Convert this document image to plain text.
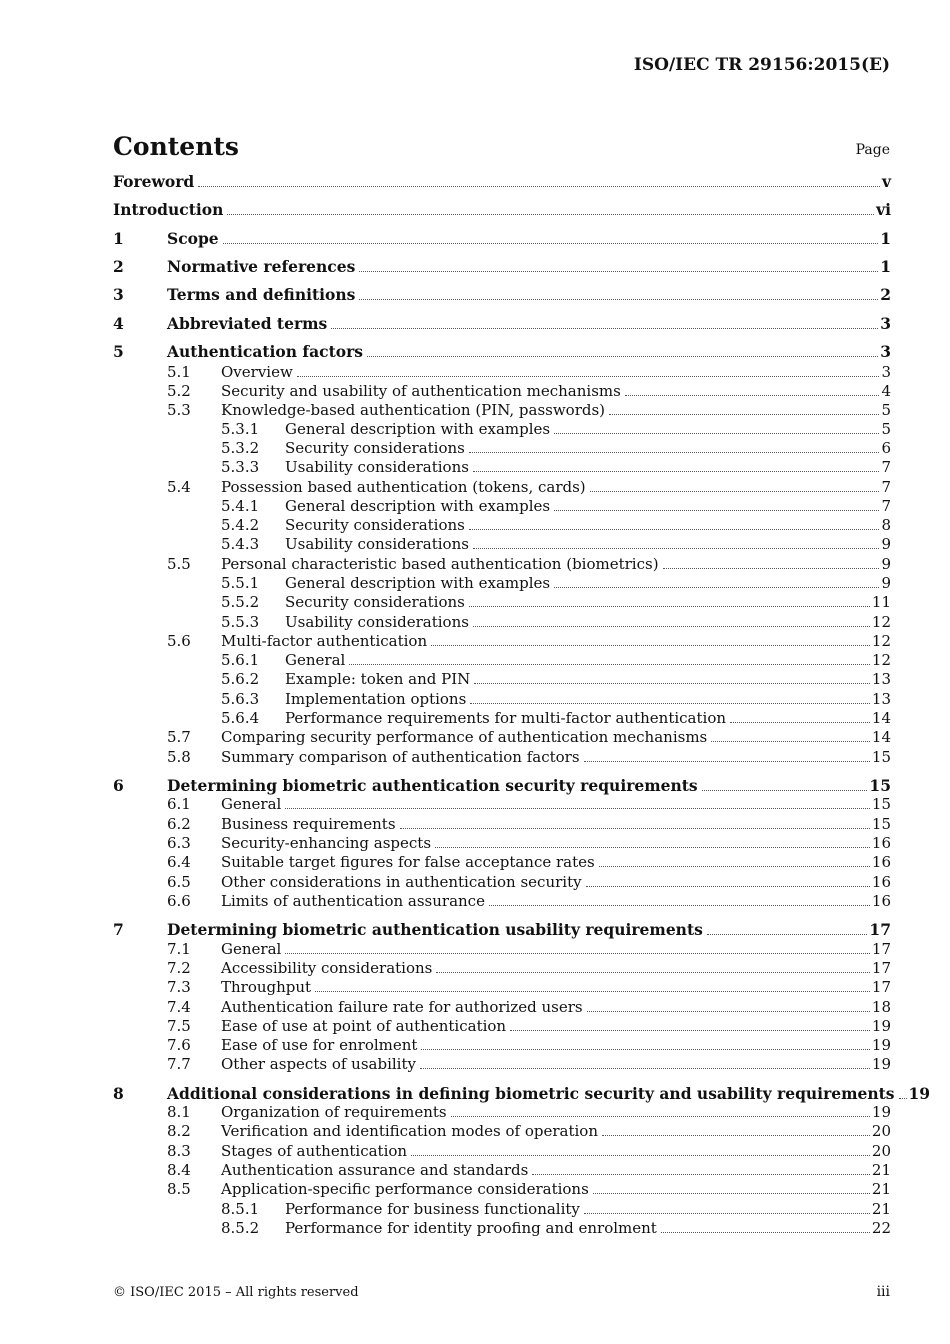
ISO/IEC TR 29156:2015(E)
Contents	Page
Foreword	v
Introduction	vi
1	Scope	1
2	Normative references	1
3	Terms and definitions	2
4	Abbreviated terms	3
5	Authentication factors	3
5.1 Overview	3
5.2 Security and usability of authentication mechanisms	4
5.3 Knowledge-based authentication (PIN, passwords)	5
5.3.1 General description with examples	5
5.3.2 Security considerations	6
5.3.3 Usability considerations	7
5.4 Possession based authentication (tokens, cards)	7
5.4.1 General description with examples	7
5.4.2 Security considerations	8
5.4.3 Usability considerations	9
5.5 Personal characteristic based authentication (biometrics)	9
5.5.1 General description with examples	9
5.5.2 Security considerations	11
5.5.3 Usability considerations	12
5.6 Multi-factor authentication	12
5.6.1 General	12
5.6.2 Example: token and PIN	13
5.6.3 Implementation options	13
5.6.4 Performance requirements for multi-factor authentication	14
5.7 Comparing security performance of authentication mechanisms	14
5.8 Summary comparison of authentication factors	15
6	Determining biometric authentication security requirements	15
6.1 General	15
6.2 Business requirements	15
6.3 Security-enhancing aspects	16
6.4 Suitable target figures for false acceptance rates	16
6.5 Other considerations in authentication security	16
6.6 Limits of authentication assurance	16
7	Determining biometric authentication usability requirements	17
7.1 General	17
7.2 Accessibility considerations	17
7.3 Throughput	17
7.4 Authentication failure rate for authorized users	18
7.5 Ease of use at point of authentication	19
7.6 Ease of use for enrolment	19
7.7 Other aspects of usability	19
8	Additional considerations in defining biometric security and usability requirements 19
8.1 Organization of requirements	19
8.2 Verification and identification modes of operation	20
8.3 Stages of authentication	20
8.4 Authentication assurance and standards	21
8.5 Application-specific performance considerations	21
8.5.1 Performance for business functionality	21
8.5.2 Performance for identity proofing and enrolment	22
© ISO/IEC 2015 – All rights reserved	iii
